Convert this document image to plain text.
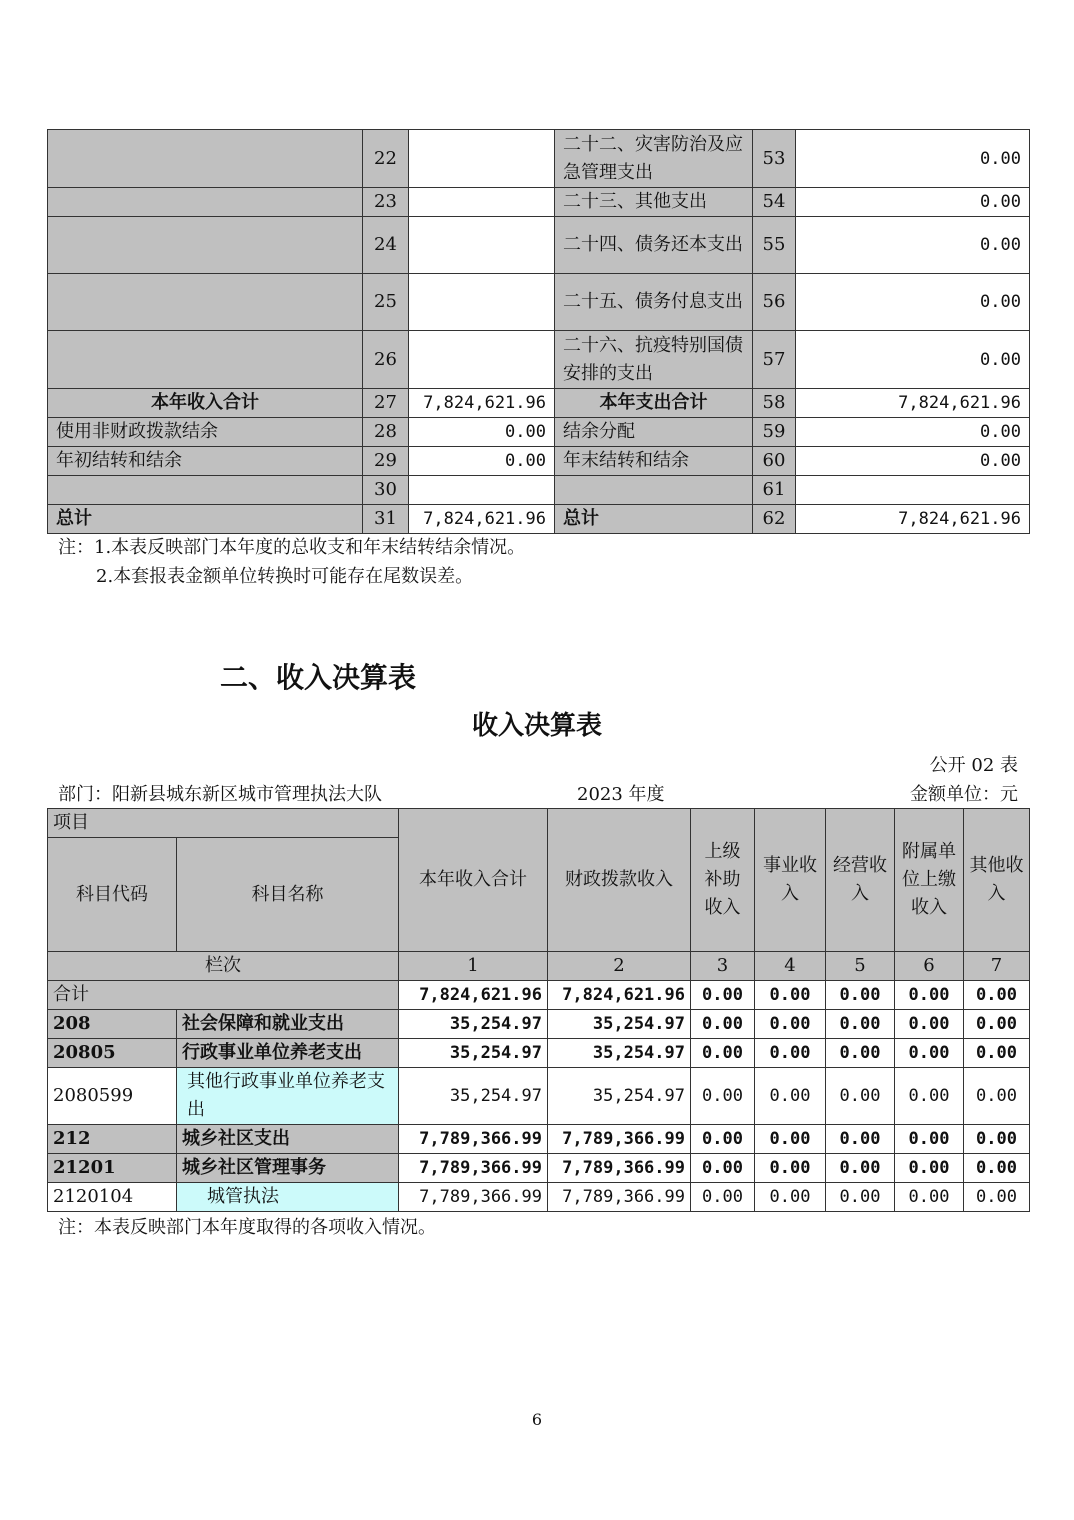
	22		二十二、灾害防治及应急管理支出	53	0.00
	23		二十三、其他支出	54	0.00
	24		二十四、债务还本支出	55	0.00
	25		二十五、债务付息支出	56	0.00
	26		二十六、抗疫特别国债安排的支出	57	0.00
本年收入合计	27	7,824,621.96	本年支出合计	58	7,824,621.96
使用非财政拨款结余	28	0.00	结余分配	59	0.00
年初结转和结余	29	0.00	年末结转和结余	60	0.00
	30			61	
总计	31	7,824,621.96	总计	62	7,824,621.96
注：1.本表反映部门本年度的总收支和年末结转结余情况。
2.本套报表金额单位转换时可能存在尾数误差。
二、收入决算表
收入决算表
公开 02 表
部门：阳新县城东新区城市管理执法大队	2023 年度	金额单位：元
项目		本年收入合计	财政拨款收入	上级补助收入	事业收入	经营收入	附属单位上缴收入	其他收入
科目代码	科目名称							
栏次		1	2	3	4	5	6	7
合计		7,824,621.96	7,824,621.96	0.00	0.00	0.00	0.00	0.00
208	社会保障和就业支出	35,254.97	35,254.97	0.00	0.00	0.00	0.00	0.00
20805	行政事业单位养老支出	35,254.97	35,254.97	0.00	0.00	0.00	0.00	0.00
2080599	其他行政事业单位养老支出	35,254.97	35,254.97	0.00	0.00	0.00	0.00	0.00
212	城乡社区支出	7,789,366.99	7,789,366.99	0.00	0.00	0.00	0.00	0.00
21201	城乡社区管理事务	7,789,366.99	7,789,366.99	0.00	0.00	0.00	0.00	0.00
2120104	城管执法	7,789,366.99	7,789,366.99	0.00	0.00	0.00	0.00	0.00
注：本表反映部门本年度取得的各项收入情况。
6
